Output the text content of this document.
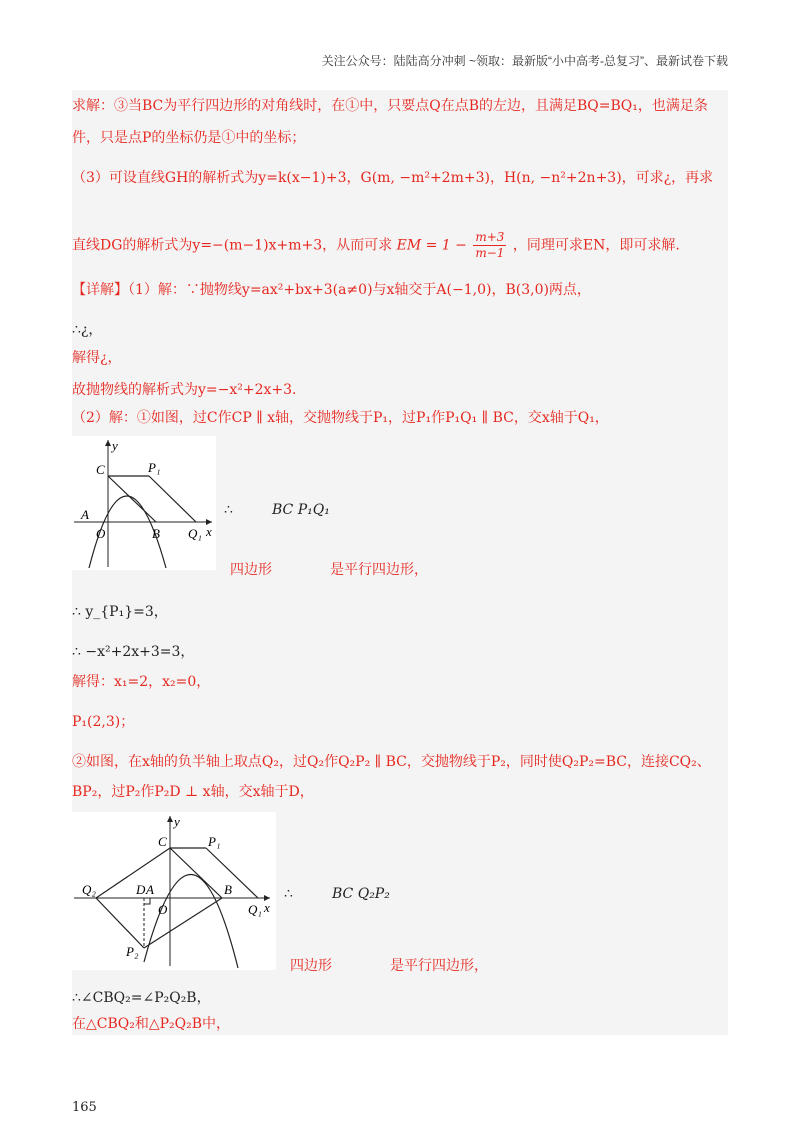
关注公众号：陆陆高分冲刺 ~领取：最新版“小中高考-总复习”、最新试卷下载
求解：③当BC为平行四边形的对角线时，在①中，只要点Q在点B的左边，且满足BQ=BQ₁，也满足条
件，只是点P的坐标仍是①中的坐标；
（3）可设直线GH的解析式为y=k(x−1)+3，G(m, −m²+2m+3)，H(n, −n²+2n+3)，可求¿，再求
直线DG的解析式为y=−(m−1)x+m+3，从而可求 EM = $1 - \frac{m+3}{m-1}$ ，同理可求EN，即可求解.
【详解】（1）解：∵抛物线y=ax²+bx+3(a≠0)与x轴交于A(−1,0)，B(3,0)两点，
∴¿，
解得¿，
故抛物线的解析式为y=−x²+2x+3.
（2）解：①如图，过C作CP ∥ x轴，交抛物线于P₁，过P₁作P₁Q₁ ∥ BC，交x轴于Q₁，
y
C	P₁
A
O	B Q₁ x
∴	BC P₁Q₁
四边形	是平行四边形，
∴ y_{P₁}=3，
∴ −x²+2x+3=3，
解得：x₁=2，x₂=0，
P₁(2,3)；
②如图，在x轴的负半轴上取点Q₂，过Q₂作Q₂P₂ ∥ BC，交抛物线于P₂，同时使Q₂P₂=BC，连接CQ₂、
BP₂，过P₂作P₂D ⊥ x轴，交x轴于D，
y
C	P₁
Q₂	D A
O
B
Q₁ x
P₂
∴	BC Q₂P₂
四边形	是平行四边形，
∴∠CBQ₂=∠P₂Q₂B，
在△CBQ₂和△P₂Q₂B中，
165
